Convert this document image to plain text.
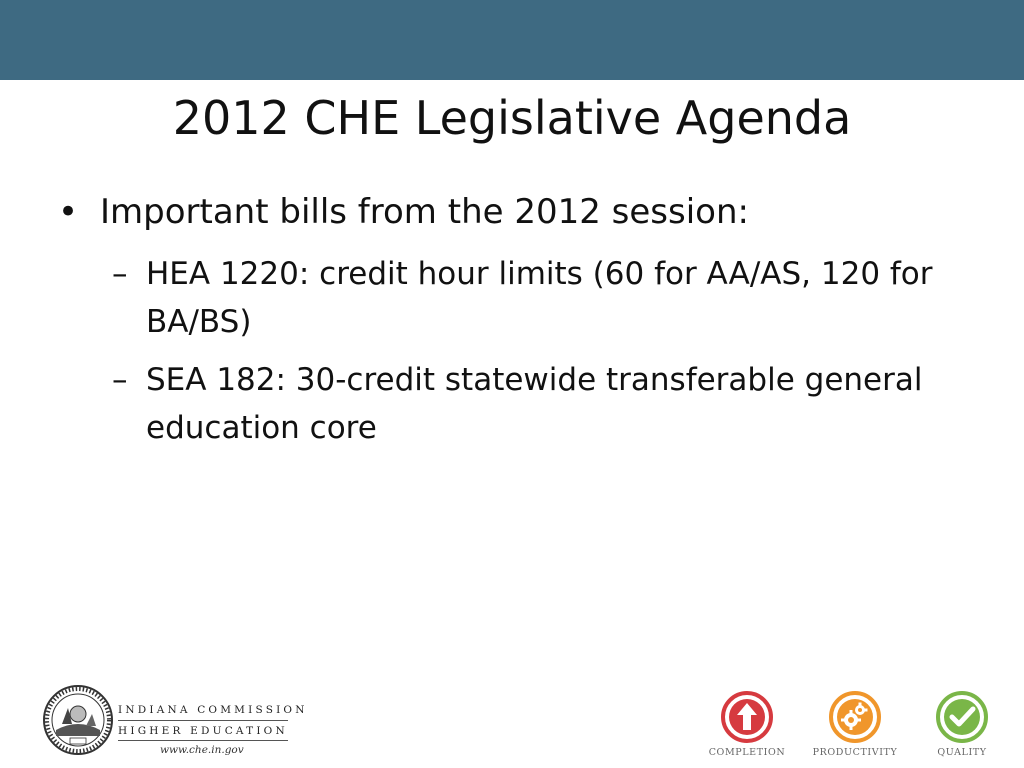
2012 CHE Legislative Agenda
• Important bills from the 2012 session:
– HEA 1220: credit hour limits (60 for AA/AS, 120 for BA/BS)
– SEA 182: 30-credit statewide transferable general education core
INDIANA COMMISSION
HIGHER EDUCATION
www.che.in.gov	COMPLETION	PRODUCTIVITY	QUALITY
